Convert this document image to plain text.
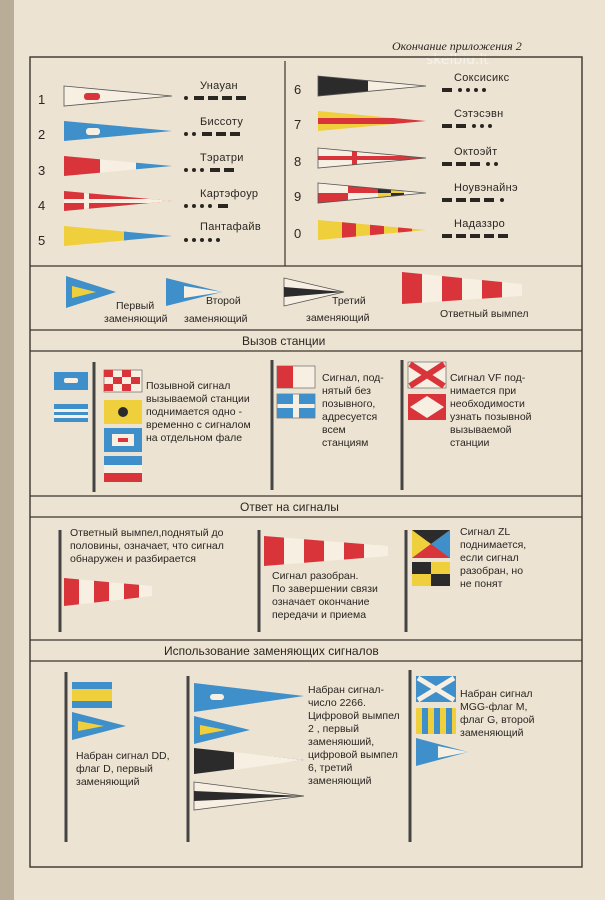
Окончание приложения 2
skelbiu.lt
1
2
3
4
5
Унауан
Биссоту
Тэратри
Картэфоур
Пантафайв
6
7
8
9
0
Соксисикс
Сэтэсэвн
Октоэйт
Ноувэнайнэ
Надаззро
Первый
заменяющий
Второй
заменяющий
Третий
заменяющий	Ответный вымпел
Вызов станции
Ответ на сигналы
Использование заменяющих сигналов
Позывной сигнал
вызываемой станции
поднимается одно -
временно с сигналом
на отдельном фале
Сигнал, под-
нятый без
позывного,
адресуется
всем
станциям
Сигнал VF под-
нимается при
необходимости
узнать позывной
вызываемой
станции
Ответный вымпел,поднятый до
половины, означает, что сигнал
обнаружен и разбирается
Сигнал разобран.
По завершении связи
означает окончание
передачи и приема
Сигнал ZL
поднимается,
если сигнал
разобран, но
не понят
Набран сигнал DD,
флаг D, первый
заменяющий
Набран сигнал-
число 2266.
Цифровой вымпел
2 , первый
заменяюший,
цифровой вымпел
6, третий
заменяющий
Набран сигнал
MGG-флаг M,
флаг G, второй
заменяющий
